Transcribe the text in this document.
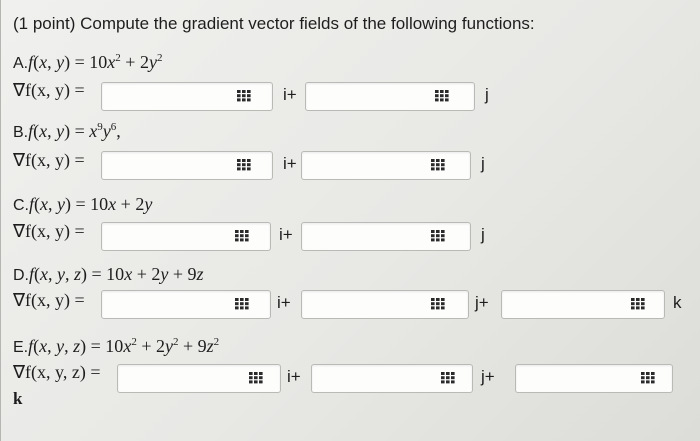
(1 point) Compute the gradient vector fields of the following functions:
A.f(x, $y) = 10x^2 + 2y^2$
∇f(x, y) =	i+	j
B.f(x, $y) = x^9y^6$,
∇f(x, y) =	i+	j
C.f(x, y) = 10x + 2y
∇f(x, y) =	i+	j
D.f(x, y, z) = 10x + 2y + 9z
∇f(x, y) =	i+	j+	k
E.f(x, y, $z) = 10x^2 + 2y^2 + 9z^2$
∇f(x, y, z) =	i+	j+
k
